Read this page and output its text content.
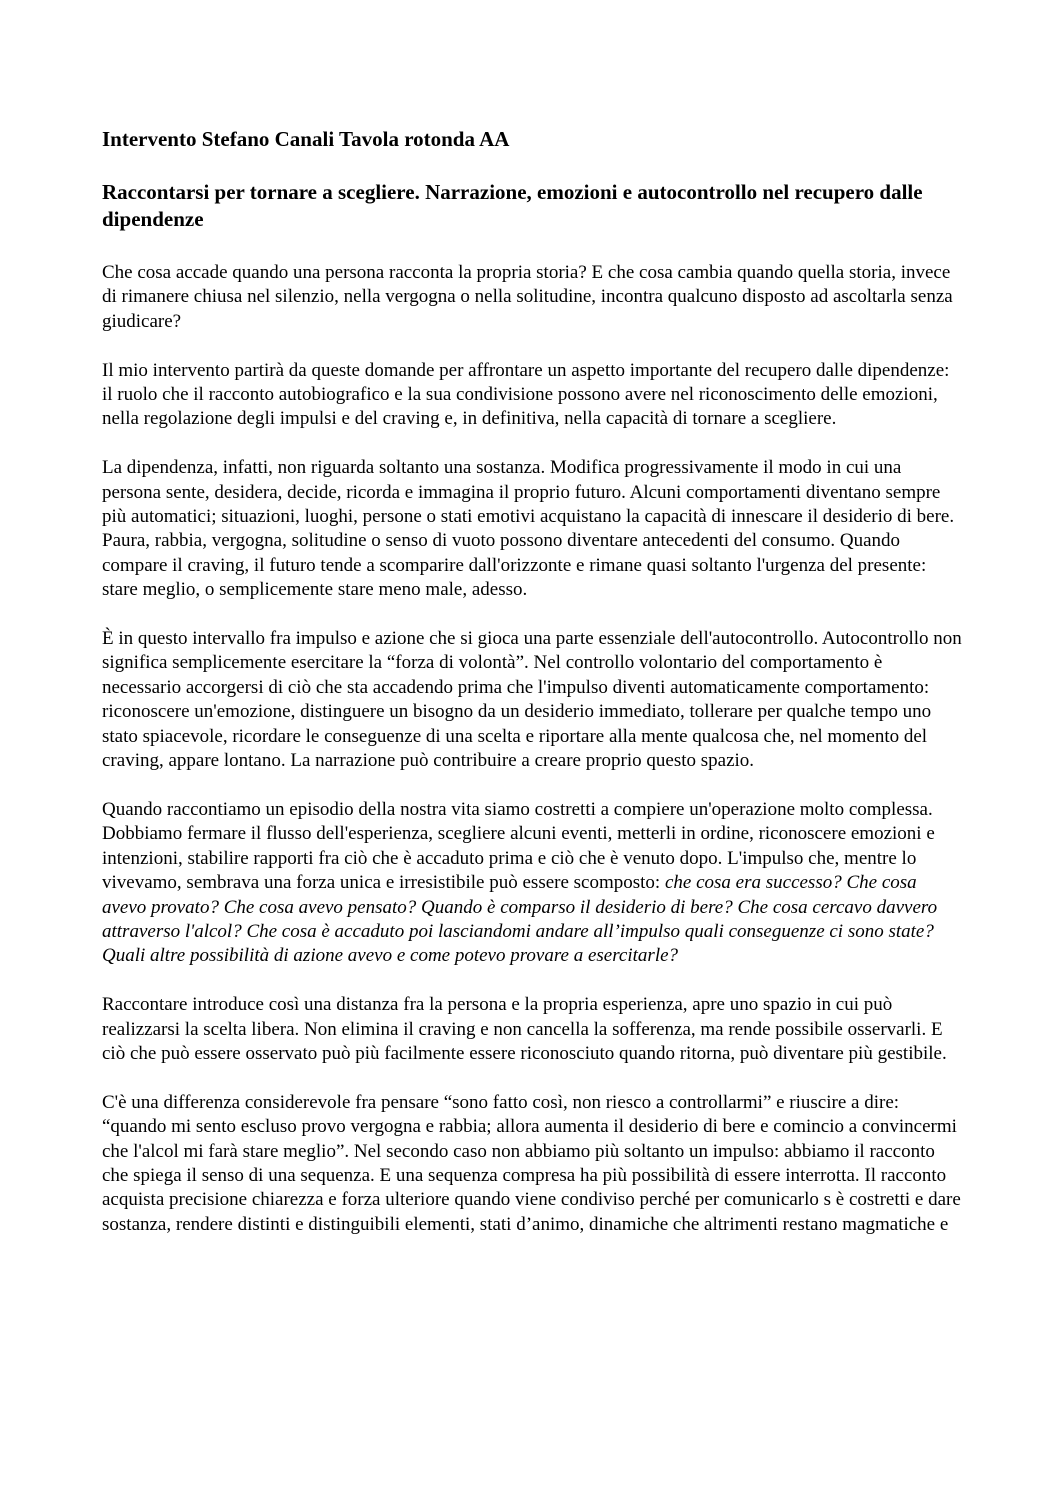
Intervento Stefano Canali Tavola rotonda AA
Raccontarsi per tornare a scegliere. Narrazione, emozioni e autocontrollo nel recupero dalle dipendenze

Che cosa accade quando una persona racconta la propria storia? E che cosa cambia quando quella storia, invece di rimanere chiusa nel silenzio, nella vergogna o nella solitudine, incontra qualcuno disposto ad ascoltarla senza giudicare?

Il mio intervento partirà da queste domande per affrontare un aspetto importante del recupero dalle dipendenze: il ruolo che il racconto autobiografico e la sua condivisione possono avere nel riconoscimento delle emozioni, nella regolazione degli impulsi e del craving e, in definitiva, nella capacità di tornare a scegliere.

La dipendenza, infatti, non riguarda soltanto una sostanza. Modifica progressivamente il modo in cui una persona sente, desidera, decide, ricorda e immagina il proprio futuro. Alcuni comportamenti diventano sempre più automatici; situazioni, luoghi, persone o stati emotivi acquistano la capacità di innescare il desiderio di bere. Paura, rabbia, vergogna, solitudine o senso di vuoto possono diventare antecedenti del consumo. Quando compare il craving, il futuro tende a scomparire dall'orizzonte e rimane quasi soltanto l'urgenza del presente: stare meglio, o semplicemente stare meno male, adesso.

È in questo intervallo fra impulso e azione che si gioca una parte essenziale dell'autocontrollo. Autocontrollo non significa semplicemente esercitare la “forza di volontà”. Nel controllo volontario del comportamento è necessario accorgersi di ciò che sta accadendo prima che l'impulso diventi automaticamente comportamento: riconoscere un'emozione, distinguere un bisogno da un desiderio immediato, tollerare per qualche tempo uno stato spiacevole, ricordare le conseguenze di una scelta e riportare alla mente qualcosa che, nel momento del craving, appare lontano. La narrazione può contribuire a creare proprio questo spazio.

Quando raccontiamo un episodio della nostra vita siamo costretti a compiere un'operazione molto complessa. Dobbiamo fermare il flusso dell'esperienza, scegliere alcuni eventi, metterli in ordine, riconoscere emozioni e intenzioni, stabilire rapporti fra ciò che è accaduto prima e ciò che è venuto dopo. L'impulso che, mentre lo vivevamo, sembrava una forza unica e irresistibile può essere scomposto: che cosa era successo? Che cosa avevo provato? Che cosa avevo pensato? Quando è comparso il desiderio di bere? Che cosa cercavo davvero attraverso l'alcol? Che cosa è accaduto poi lasciandomi andare all’impulso quali conseguenze ci sono state? Quali altre possibilità di azione avevo e come potevo provare a esercitarle?

Raccontare introduce così una distanza fra la persona e la propria esperienza, apre uno spazio in cui può realizzarsi la scelta libera. Non elimina il craving e non cancella la sofferenza, ma rende possibile osservarli. E ciò che può essere osservato può più facilmente essere riconosciuto quando ritorna, può diventare più gestibile.

C'è una differenza considerevole fra pensare “sono fatto così, non riesco a controllarmi” e riuscire a dire: “quando mi sento escluso provo vergogna e rabbia; allora aumenta il desiderio di bere e comincio a convincermi che l'alcol mi farà stare meglio”. Nel secondo caso non abbiamo più soltanto un impulso: abbiamo il racconto che spiega il senso di una sequenza. E una sequenza compresa ha più possibilità di essere interrotta. Il racconto acquista precisione chiarezza e forza ulteriore quando viene condiviso perché per comunicarlo s è costretti e dare sostanza, rendere distinti e distinguibili elementi, stati d’animo, dinamiche che altrimenti restano magmatiche e
